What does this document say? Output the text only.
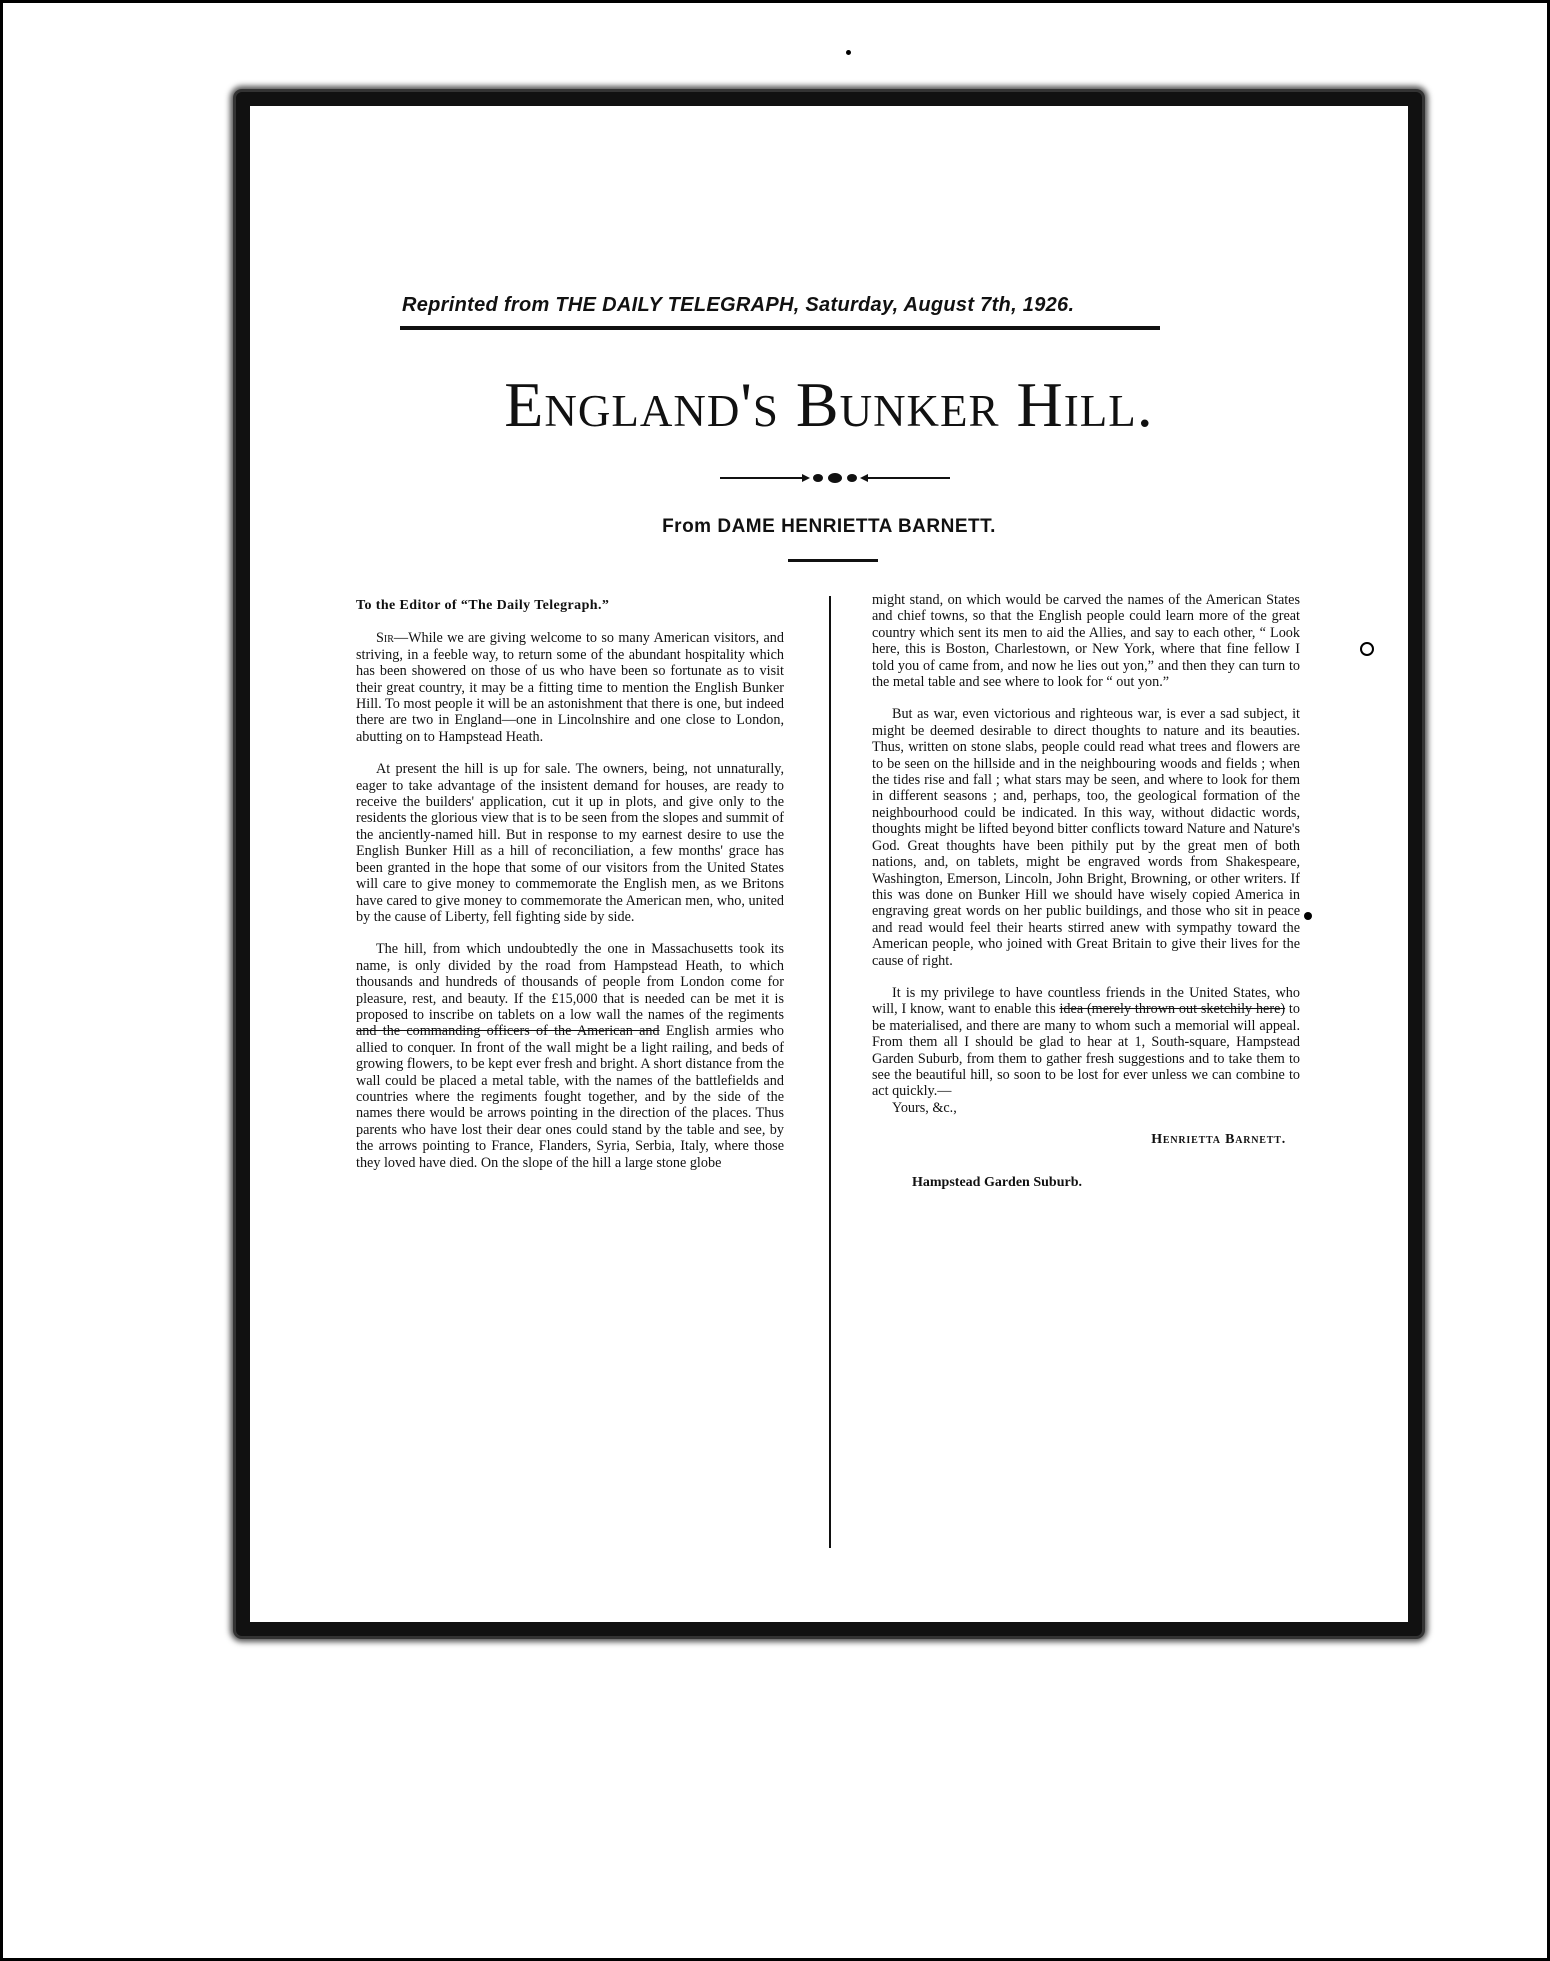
Reprinted from THE DAILY TELEGRAPH, Saturday, August 7th, 1926.
England's Bunker Hill.
From DAME HENRIETTA BARNETT.

To the Editor of “The Daily Telegraph.”

Sir—While we are giving welcome to so many American visitors, and striving, in a feeble way, to return some of the abundant hospitality which has been showered on those of us who have been so fortunate as to visit their great country, it may be a fitting time to mention the English Bunker Hill. To most people it will be an astonishment that there is one, but indeed there are two in England—one in Lincolnshire and one close to London, abutting on to Hampstead Heath.

At present the hill is up for sale. The owners, being, not unnaturally, eager to take advantage of the insistent demand for houses, are ready to receive the builders' application, cut it up in plots, and give only to the residents the glorious view that is to be seen from the slopes and summit of the anciently-named hill. But in response to my earnest desire to use the English Bunker Hill as a hill of reconciliation, a few months' grace has been granted in the hope that some of our visitors from the United States will care to give money to commemorate the English men, as we Britons have cared to give money to commemorate the American men, who, united by the cause of Liberty, fell fighting side by side.

The hill, from which undoubtedly the one in Massachusetts took its name, is only divided by the road from Hampstead Heath, to which thousands and hundreds of thousands of people from London come for pleasure, rest, and beauty. If the £15,000 that is needed can be met it is proposed to inscribe on tablets on a low wall the names of the regiments and the commanding officers of the American and English armies who allied to conquer. In front of the wall might be a light railing, and beds of growing flowers, to be kept ever fresh and bright. A short distance from the wall could be placed a metal table, with the names of the battlefields and countries where the regiments fought together, and by the side of the names there would be arrows pointing in the direction of the places. Thus parents who have lost their dear ones could stand by the table and see, by the arrows pointing to France, Flanders, Syria, Serbia, Italy, where those they loved have died. On the slope of the hill a large stone globe

might stand, on which would be carved the names of the American States and chief towns, so that the English people could learn more of the great country which sent its men to aid the Allies, and say to each other, “ Look here, this is Boston, Charlestown, or New York, where that fine fellow I told you of came from, and now he lies out yon,” and then they can turn to the metal table and see where to look for “ out yon.”

But as war, even victorious and righteous war, is ever a sad subject, it might be deemed desirable to direct thoughts to nature and its beauties. Thus, written on stone slabs, people could read what trees and flowers are to be seen on the hillside and in the neighbouring woods and fields ; when the tides rise and fall ; what stars may be seen, and where to look for them in different seasons ; and, perhaps, too, the geological formation of the neighbourhood could be indicated. In this way, without didactic words, thoughts might be lifted beyond bitter conflicts toward Nature and Nature's God. Great thoughts have been pithily put by the great men of both nations, and, on tablets, might be engraved words from Shakespeare, Washington, Emerson, Lincoln, John Bright, Browning, or other writers. If this was done on Bunker Hill we should have wisely copied America in engraving great words on her public buildings, and those who sit in peace and read would feel their hearts stirred anew with sympathy toward the American people, who joined with Great Britain to give their lives for the cause of right.

It is my privilege to have countless friends in the United States, who will, I know, want to enable this idea (merely thrown out sketchily here) to be materialised, and there are many to whom such a memorial will appeal. From them all I should be glad to hear at 1, South-square, Hampstead Garden Suburb, from them to gather fresh suggestions and to take them to see the beautiful hill, so soon to be lost for ever unless we can combine to act quickly.—

Yours, &c.,

Henrietta Barnett.
Hampstead Garden Suburb.
